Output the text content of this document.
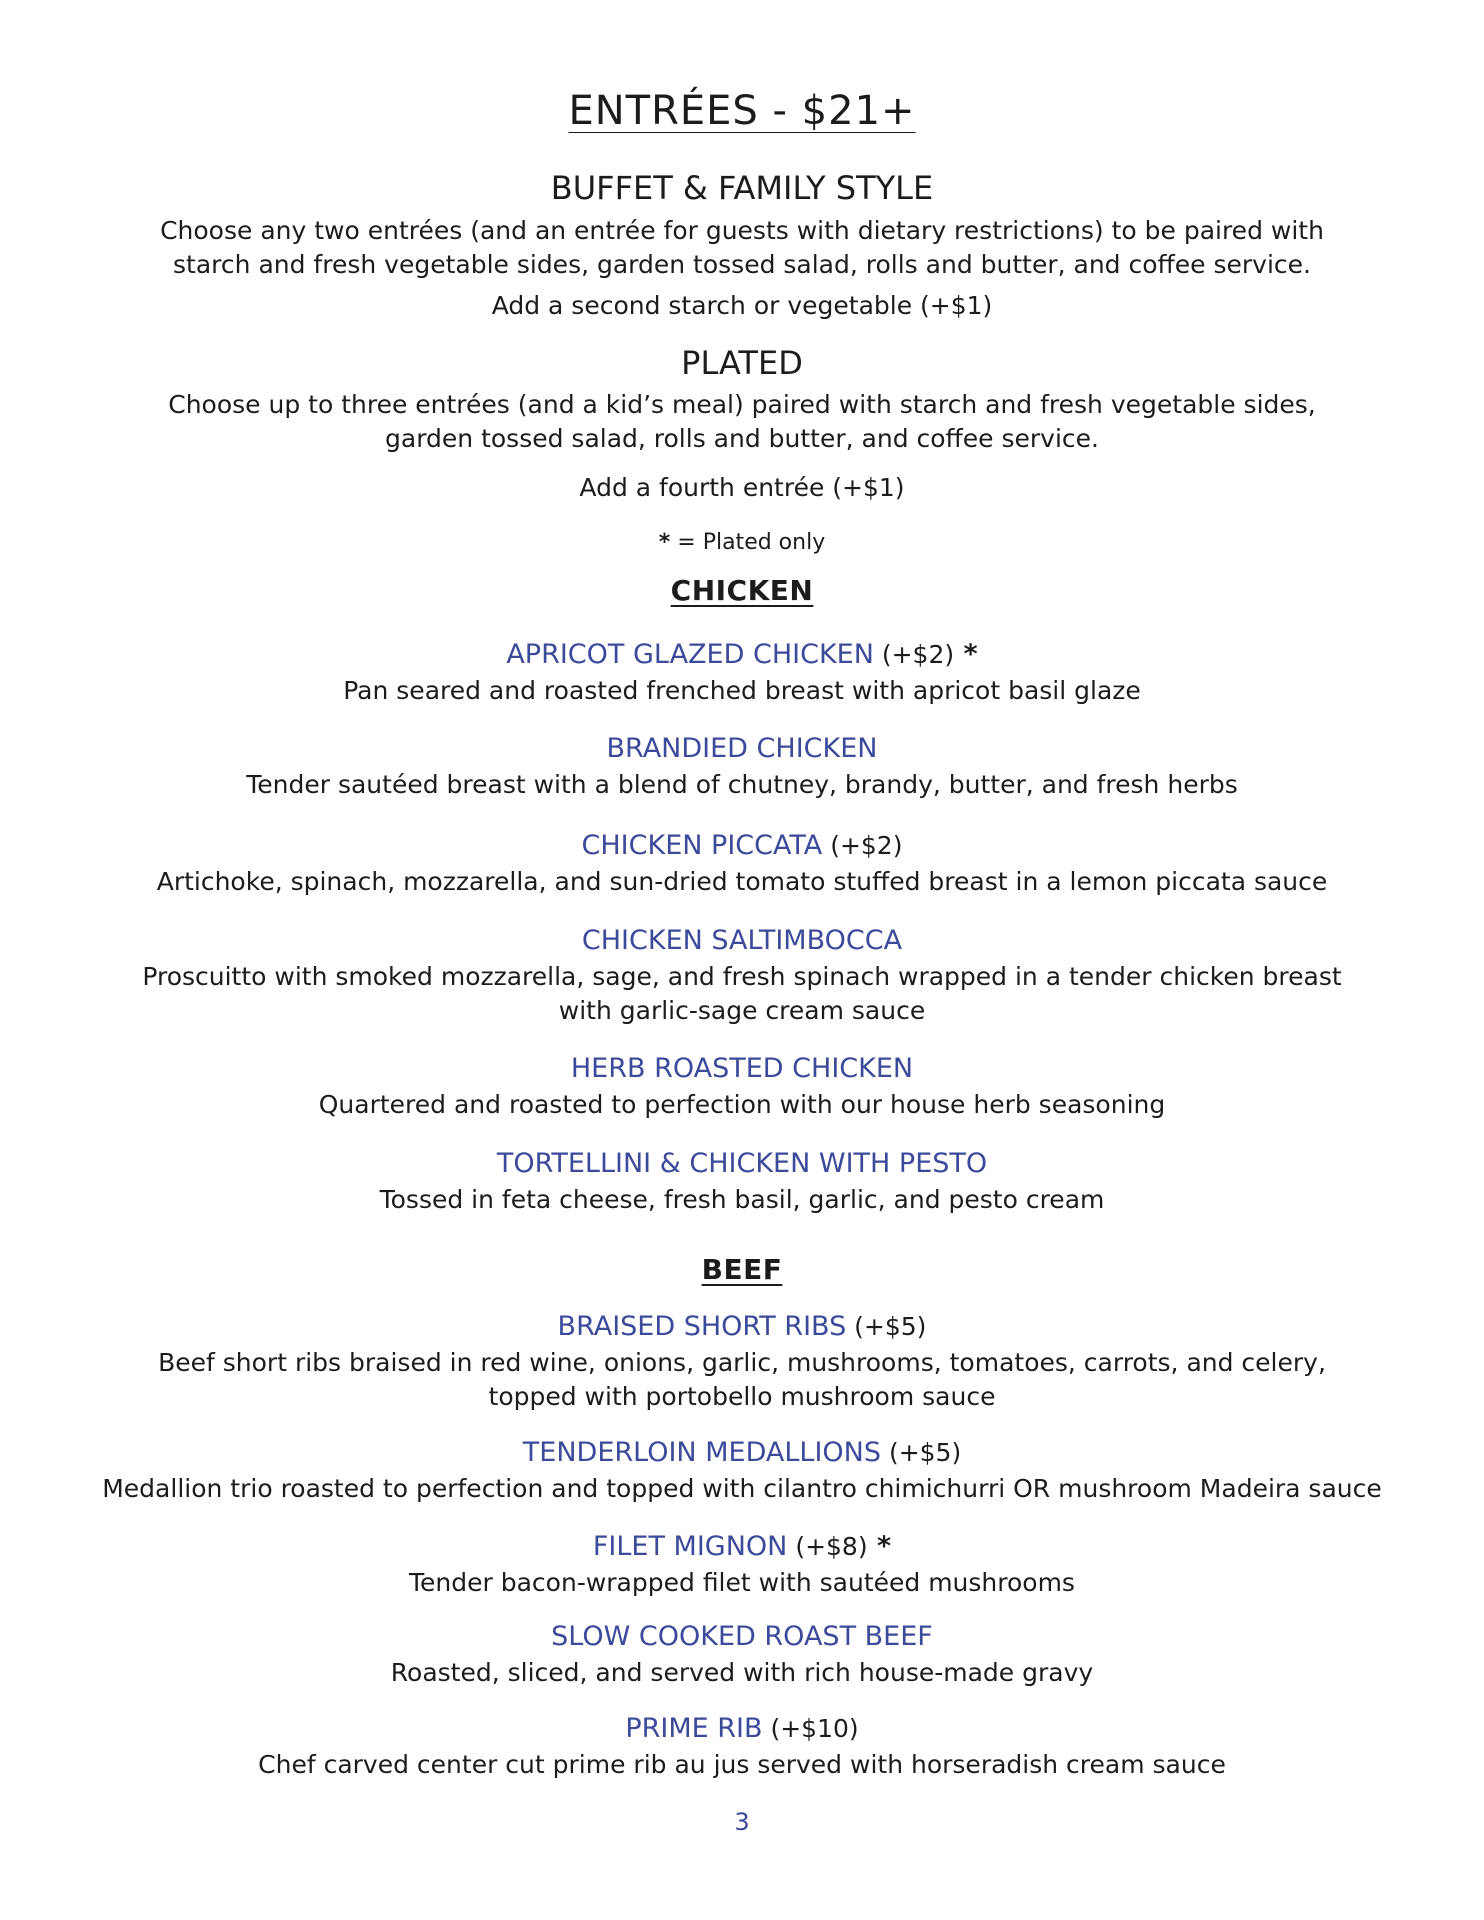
ENTRÉES - $21+
BUFFET & FAMILY STYLE
Choose any two entrées (and an entrée for guests with dietary restrictions) to be paired with
starch and fresh vegetable sides, garden tossed salad, rolls and butter, and coffee service.
Add a second starch or vegetable (+$1)
PLATED
Choose up to three entrées (and a kid’s meal) paired with starch and fresh vegetable sides,
garden tossed salad, rolls and butter, and coffee service.
Add a fourth entrée (+$1)
* = Plated only
CHICKEN
APRICOT GLAZED CHICKEN (+$2) *
Pan seared and roasted frenched breast with apricot basil glaze
BRANDIED CHICKEN
Tender sautéed breast with a blend of chutney, brandy, butter, and fresh herbs
CHICKEN PICCATA (+$2)
Artichoke, spinach, mozzarella, and sun-dried tomato stuffed breast in a lemon piccata sauce
CHICKEN SALTIMBOCCA
Proscuitto with smoked mozzarella, sage, and fresh spinach wrapped in a tender chicken breast
with garlic-sage cream sauce
HERB ROASTED CHICKEN
Quartered and roasted to perfection with our house herb seasoning
TORTELLINI & CHICKEN WITH PESTO
Tossed in feta cheese, fresh basil, garlic, and pesto cream
BEEF
BRAISED SHORT RIBS (+$5)
Beef short ribs braised in red wine, onions, garlic, mushrooms, tomatoes, carrots, and celery,
topped with portobello mushroom sauce
TENDERLOIN MEDALLIONS (+$5)
Medallion trio roasted to perfection and topped with cilantro chimichurri OR mushroom Madeira sauce
FILET MIGNON (+$8) *
Tender bacon-wrapped filet with sautéed mushrooms
SLOW COOKED ROAST BEEF
Roasted, sliced, and served with rich house-made gravy
PRIME RIB (+$10)
Chef carved center cut prime rib au jus served with horseradish cream sauce
3
